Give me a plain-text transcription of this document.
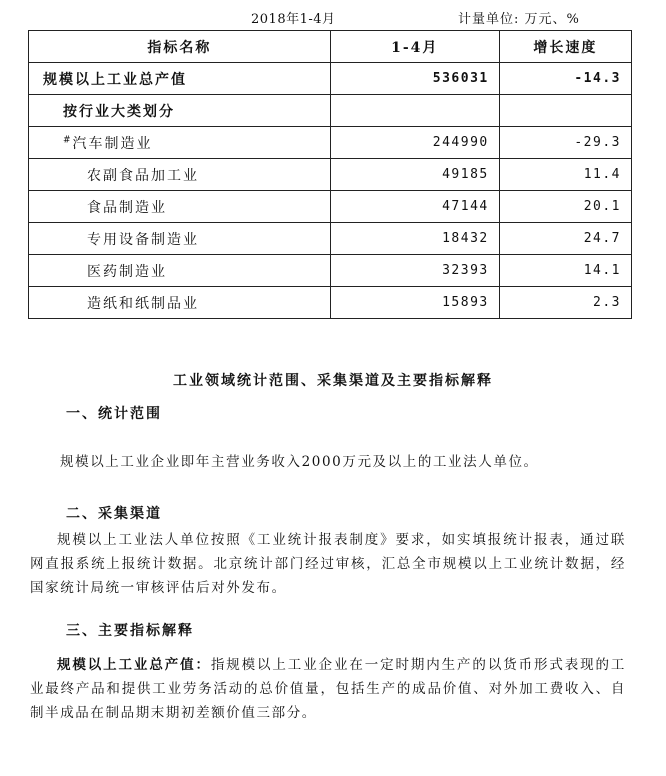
2018年1-4月	计量单位: 万元、%
指标名称	1-4月	增长速度
规模以上工业总产值	536031	-14.3
按行业大类划分		
#汽车制造业	244990	-29.3
农副食品加工业	49185	11.4
食品制造业	47144	20.1
专用设备制造业	18432	24.7
医药制造业	32393	14.1
造纸和纸制品业	15893	2.3
工业领域统计范围、采集渠道及主要指标解释
一、统计范围
规模以上工业企业即年主营业务收入2000万元及以上的工业法人单位。
二、采集渠道
规模以上工业法人单位按照《工业统计报表制度》要求，如实填报统计报表，通过联网直报系统上报统计数据。北京统计部门经过审核，汇总全市规模以上工业统计数据，经国家统计局统一审核评估后对外发布。
三、主要指标解释
规模以上工业总产值：指规模以上工业企业在一定时期内生产的以货币形式表现的工业最终产品和提供工业劳务活动的总价值量，包括生产的成品价值、对外加工费收入、自制半成品在制品期末期初差额价值三部分。
